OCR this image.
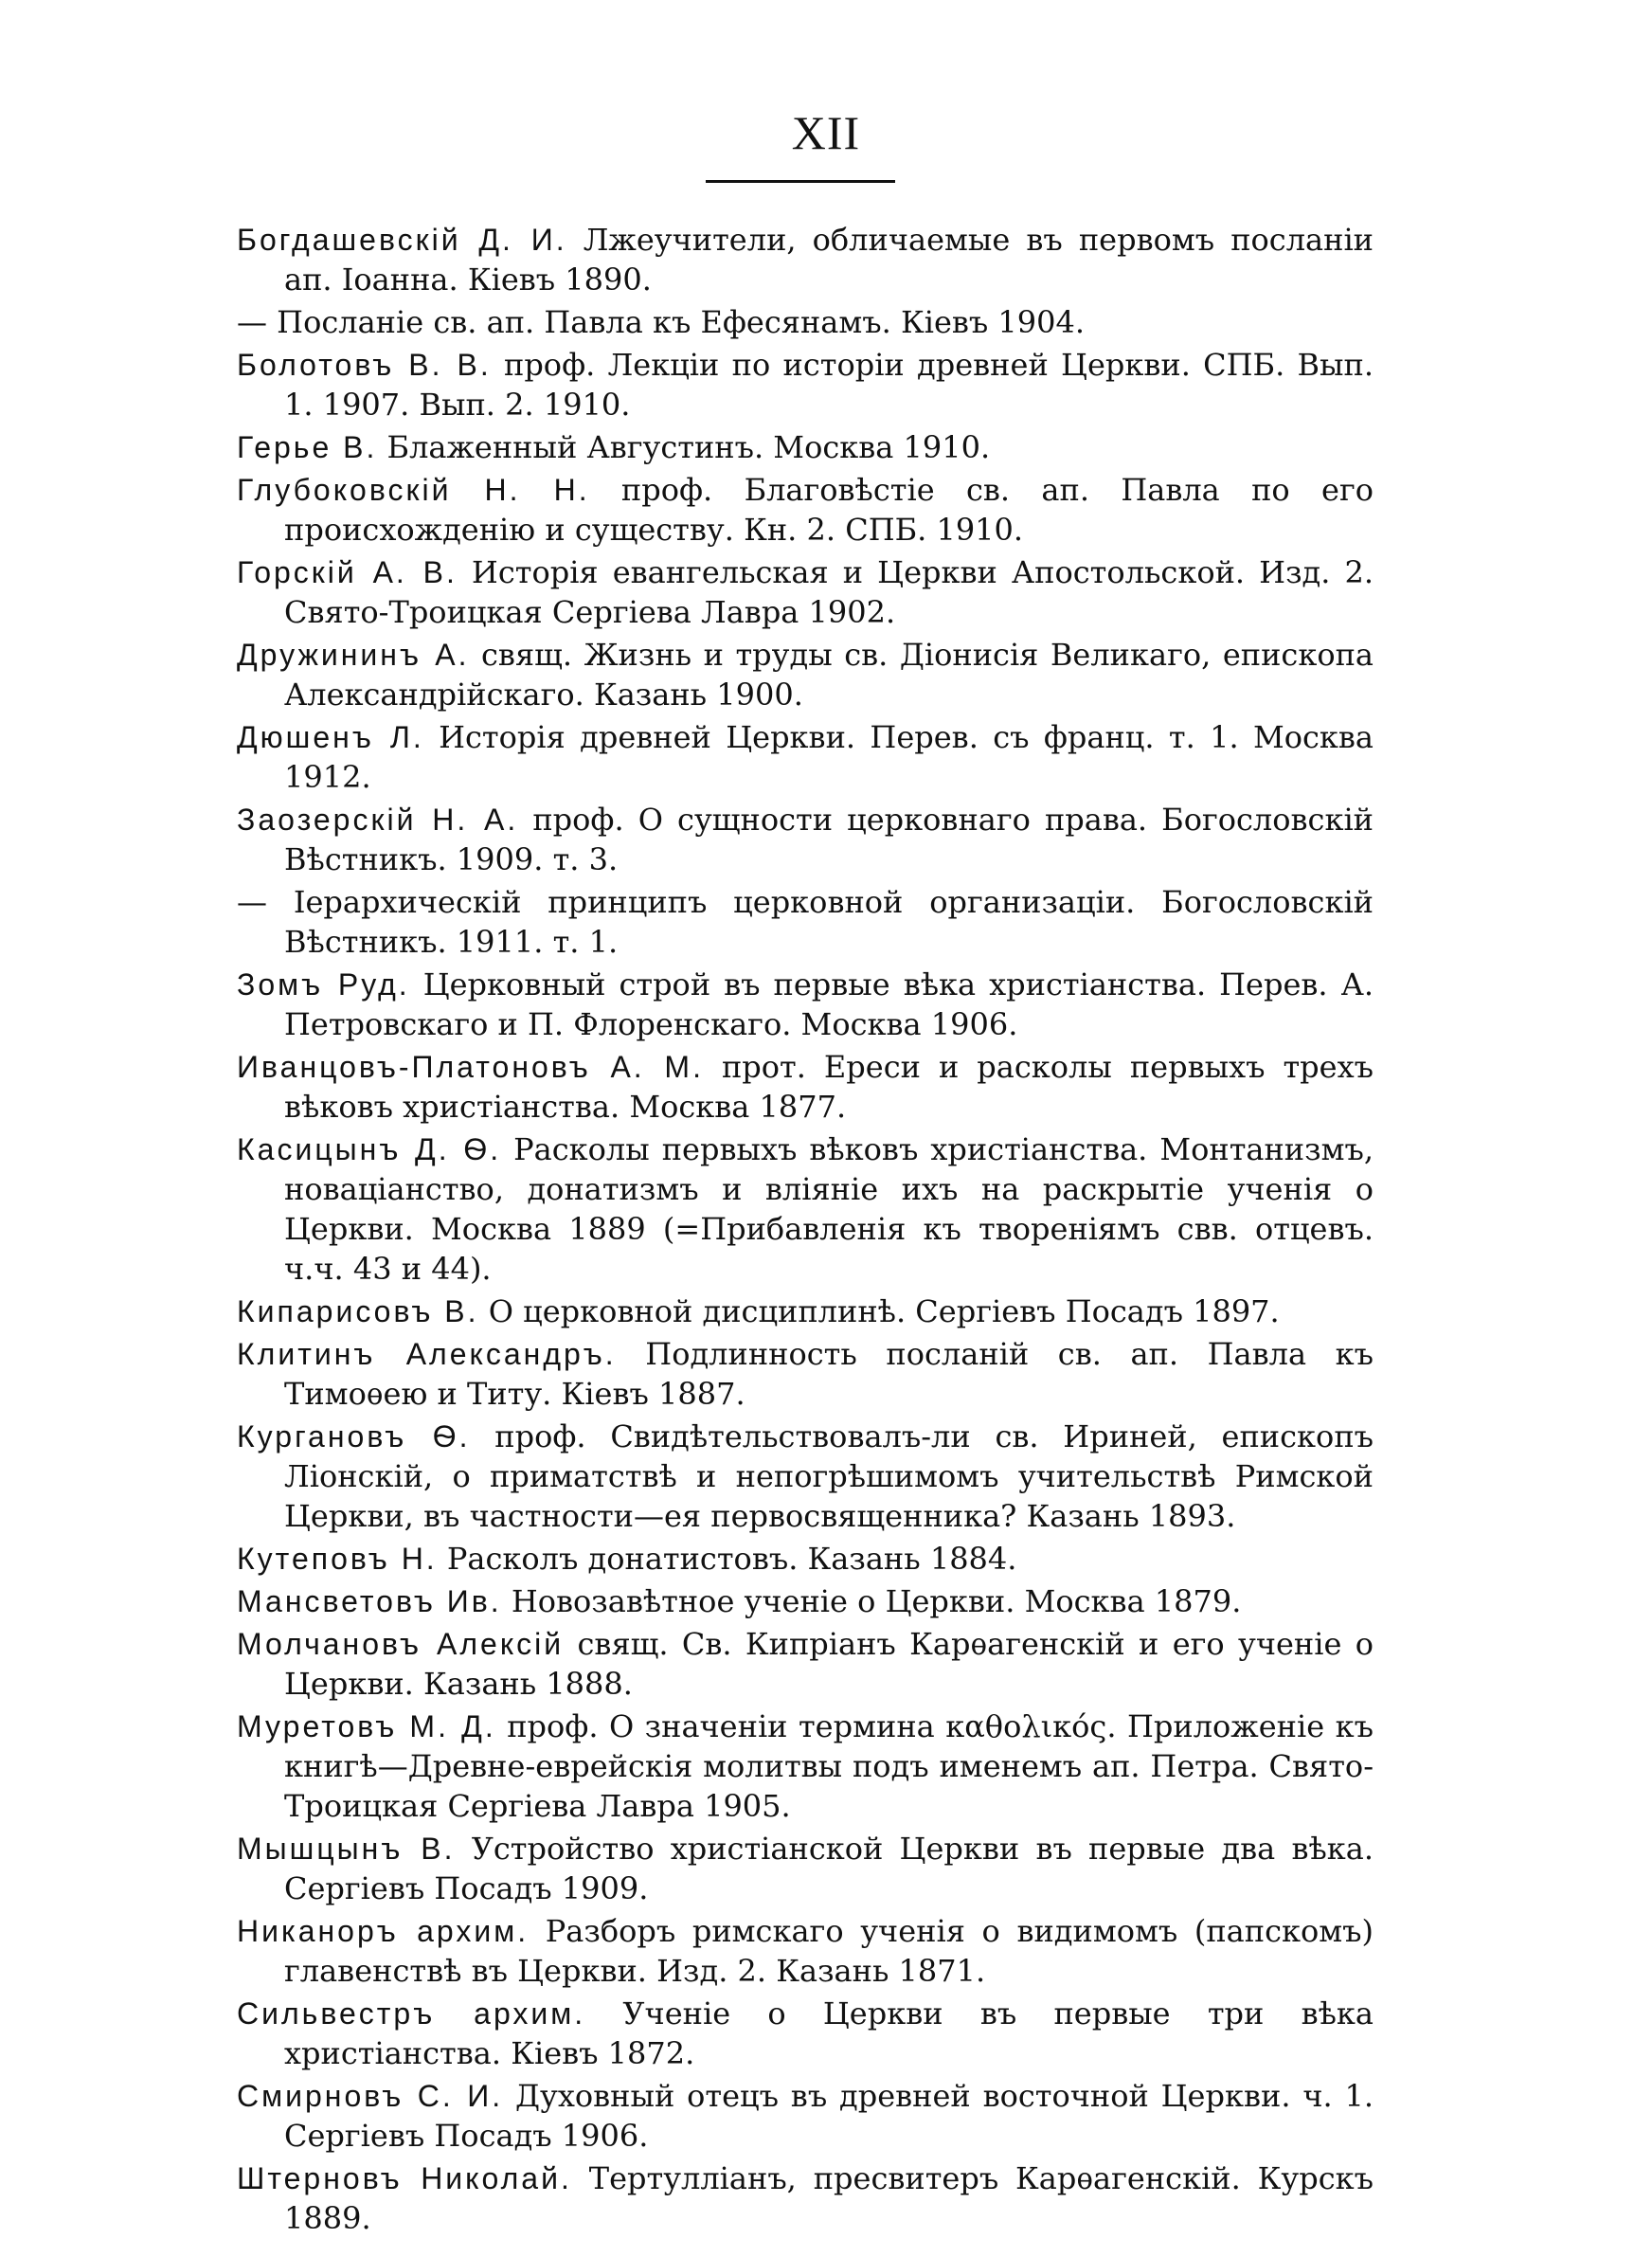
XII
Богдашевскій Д. И. Лжеучители, обличаемые въ первомъ посланіи ап. Іоанна. Кіевъ 1890.
— Посланіе св. ап. Павла къ Ефесянамъ. Кіевъ 1904.
Болотовъ В. В. проф. Лекціи по исторіи древней Церкви. СПБ. Вып. 1. 1907. Вып. 2. 1910.
Герье В. Блаженный Августинъ. Москва 1910.
Глубоковскій Н. Н. проф. Благовѣстіе св. ап. Павла по его происхожденію и существу. Кн. 2. СПБ. 1910.
Горскій А. В. Исторія евангельская и Церкви Апостольской. Изд. 2. Свято-Троицкая Сергіева Лавра 1902.
Дружининъ А. свящ. Жизнь и труды св. Діонисія Великаго, епископа Александрійскаго. Казань 1900.
Дюшенъ Л. Исторія древней Церкви. Перев. съ франц. т. 1. Москва 1912.
Заозерскій Н. А. проф. О сущности церковнаго права. Богословскій Вѣстникъ. 1909. т. 3.
— Іерархическій принципъ церковной организаціи. Богословскій Вѣстникъ. 1911. т. 1.
Зомъ Руд. Церковный строй въ первые вѣка христіанства. Перев. А. Петровскаго и П. Флоренскаго. Москва 1906.
Иванцовъ-Платоновъ А. М. прот. Ереси и расколы первыхъ трехъ вѣковъ христіанства. Москва 1877.
Касицынъ Д. Ѳ. Расколы первыхъ вѣковъ христіанства. Монтанизмъ, новаціанство, донатизмъ и вліяніе ихъ на раскрытіе ученія о Церкви. Москва 1889 (=Прибавленія къ твореніямъ свв. отцевъ. ч.ч. 43 и 44).
Кипарисовъ В. О церковной дисциплинѣ. Сергіевъ Посадъ 1897.
Клитинъ Александръ. Подлинность посланій св. ап. Павла къ Тимоѳею и Титу. Кіевъ 1887.
Кургановъ Ѳ. проф. Свидѣтельствовалъ-ли св. Ириней, епископъ Ліонскій, о приматствѣ и непогрѣшимомъ учительствѣ Римской Церкви, въ частности—ея первосвященника? Казань 1893.
Кутеповъ Н. Расколъ донатистовъ. Казань 1884.
Мансветовъ Ив. Новозавѣтное ученіе о Церкви. Москва 1879.
Молчановъ Алексій свящ. Св. Кипріанъ Карѳагенскій и его ученіе о Церкви. Казань 1888.
Муретовъ М. Д. проф. О значеніи термина καθολικός. Приложеніе къ книгѣ—Древне-еврейскія молитвы подъ именемъ ап. Петра. Свято-Троицкая Сергіева Лавра 1905.
Мышцынъ В. Устройство христіанской Церкви въ первые два вѣка. Сергіевъ Посадъ 1909.
Никаноръ архим. Разборъ римскаго ученія о видимомъ (папскомъ) главенствѣ въ Церкви. Изд. 2. Казань 1871.
Сильвестръ архим. Ученіе о Церкви въ первые три вѣка христіанства. Кіевъ 1872.
Смирновъ С. И. Духовный отецъ въ древней восточной Церкви. ч. 1. Сергіевъ Посадъ 1906.
Штерновъ Николай. Тертулліанъ, пресвитеръ Карѳагенскій. Курскъ 1889.
